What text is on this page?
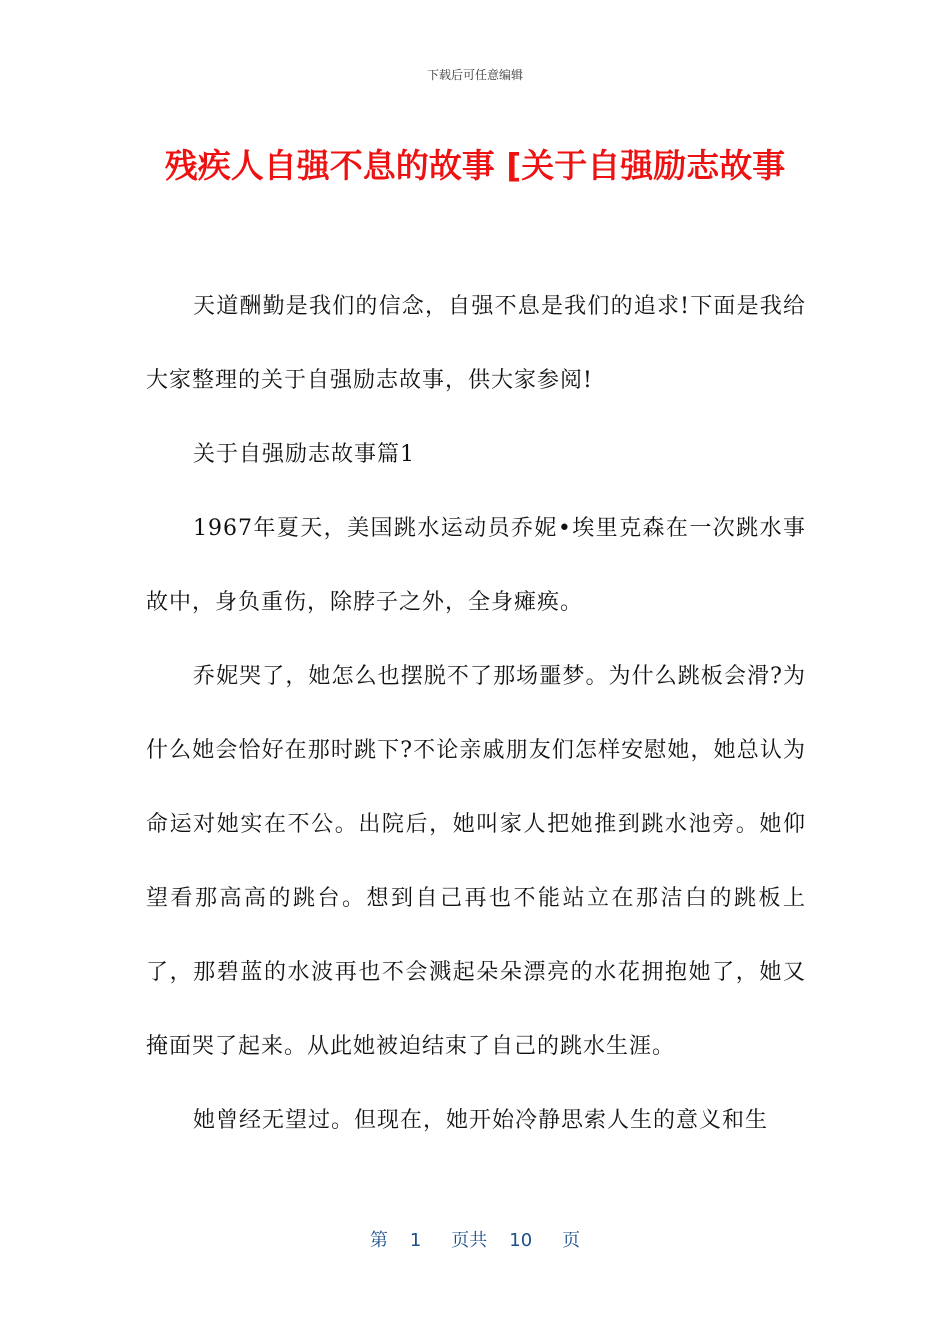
下载后可任意编辑
残疾人自强不息的故事 [关于自强励志故事

天道酬勤是我们的信念，自强不息是我们的追求!下面是我给大家整理的关于自强励志故事，供大家参阅!

关于自强励志故事篇1

1967年夏天，美国跳水运动员乔妮•埃里克森在一次跳水事故中，身负重伤，除脖子之外，全身瘫痪。

乔妮哭了，她怎么也摆脱不了那场噩梦。为什么跳板会滑?为什么她会恰好在那时跳下?不论亲戚朋友们怎样安慰她，她总认为命运对她实在不公。出院后，她叫家人把她推到跳水池旁。她仰望看那高高的跳台。想到自己再也不能站立在那洁白的跳板上了，那碧蓝的水波再也不会溅起朵朵漂亮的水花拥抱她了，她又掩面哭了起来。从此她被迫结束了自己的跳水生涯。

她曾经无望过。但现在，她开始冷静思索人生的意义和生

第 1 页共 10 页
